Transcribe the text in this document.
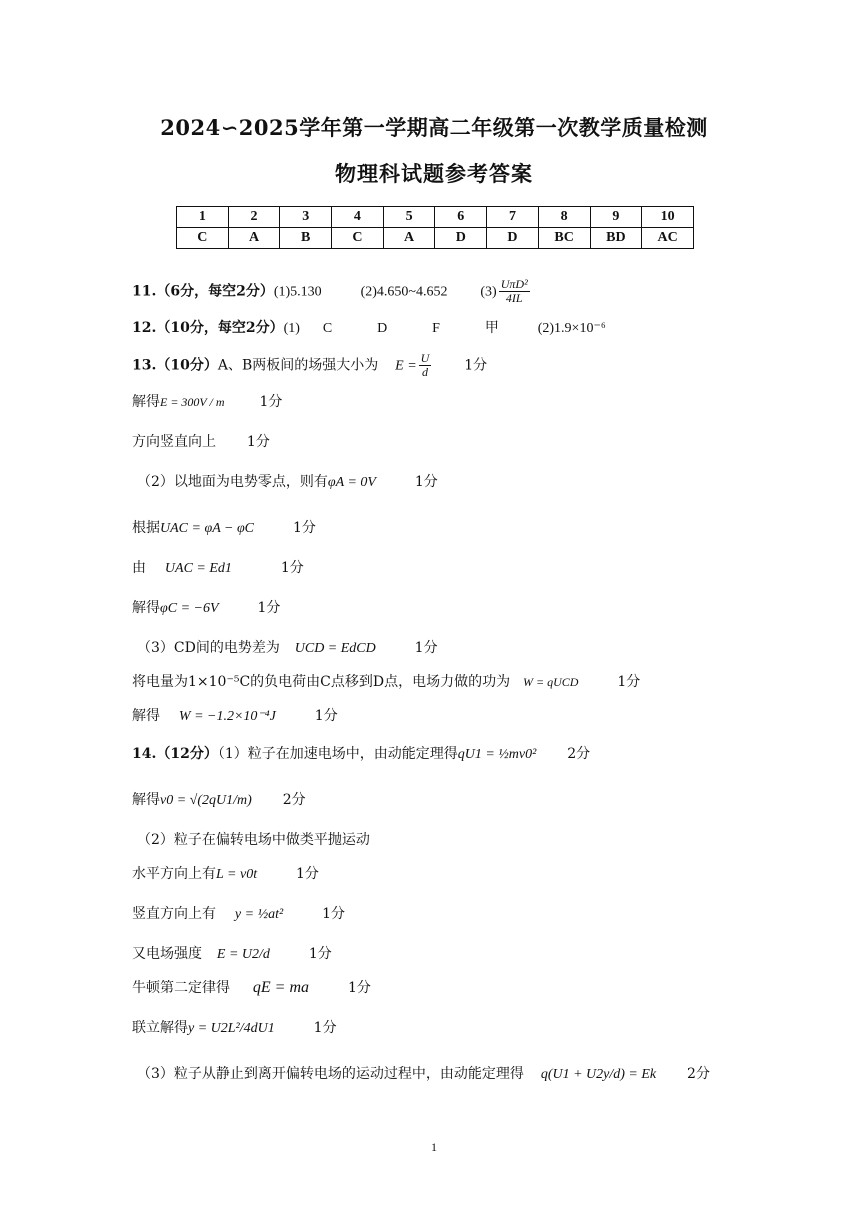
2024∽2025学年第一学期高二年级第一次教学质量检测
物理科试题参考答案
1	2	3	4	5	6	7	8	9	10
C	A	B	C	A	D	D	BC	BD	AC
11.（6分，每空2分）(1)5.130	(2)4.650~4.652 $(3) \frac{\text{UπD²}}{4IL}$
12.（10分，每空2分）(1) C	D	F	甲	(2)1.9×10⁻⁶
13.（10分）A、B两板间的场强大小为 $E = \frac{U}{d} 1$分
解得E = 300V / m 1分
方向竖直向上 1分
（2）以地面为电势零点，则有φA = 0V	1分
根据UAC = φA − φC	1分
由 UAC = Ed1	1分
解得φC = −6V	1分
（3）CD间的电势差为 UCD = EdCD	1分
将电量为1×10⁻⁵C的负电荷由C点移到D点，电场力做的功为 W = qUCD	1分
解得 W = −1.2×10⁻⁴J	1分
14.（12分）（1）粒子在加速电场中，由动能定理得qU1 = ½mv0² 2分
解得v0 = √(2qU1/m) 2分
（2）粒子在偏转电场中做类平抛运动
水平方向上有L = v0t	1分
竖直方向上有 y = ½at²	1分
又电场强度 E = U2/d	1分
牛顿第二定律得 qE = ma	1分
联立解得y = U2L²/4dU1	1分
（3）粒子从静止到离开偏转电场的运动过程中，由动能定理得 q(U1 + U2y/d) = Ek 2分
1
